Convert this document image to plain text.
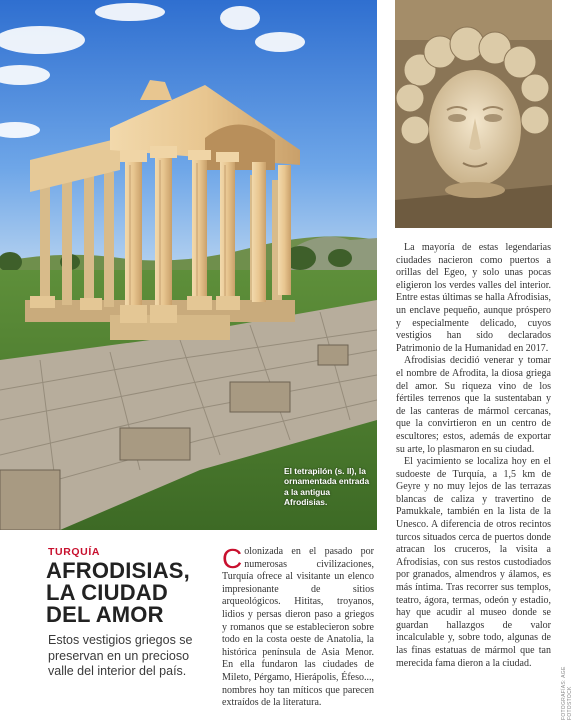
El tetrapilón (s. II), la ornamentada entrada a la antigua Afrodisias.
TURQUÍA
AFRODISIAS, LA CIUDAD DEL AMOR

Estos vestigios griegos se preservan en un precioso valle del interior del país.

Colonizada en el pasado por numerosas civilizaciones, Turquía ofrece al visitante un elenco impresionante de sitios arqueológicos. Hititas, troyanos, lidios y persas dieron paso a griegos y romanos que se establecieron sobre todo en la costa oeste de Anatolia, la histórica península de Asia Menor. En ella fundaron las ciudades de Mileto, Pérgamo, Hierápolis, Éfeso..., nombres hoy tan míticos que parecen extraídos de la literatura.

La mayoría de estas legendarias ciudades nacieron como puertos a orillas del Egeo, y solo unas pocas eligieron los verdes valles del interior. Entre estas últimas se halla Afrodisias, un enclave pequeño, aunque próspero y especialmente delicado, cuyos vestigios han sido declarados Patrimonio de la Humanidad en 2017.

Afrodisias decidió venerar y tomar el nombre de Afrodita, la diosa griega del amor. Su riqueza vino de los fértiles terrenos que la sustentaban y de las canteras de mármol cercanas, que la convirtieron en un centro de escultores; estos, además de exportar su arte, lo plasmaron en su ciudad.

El yacimiento se localiza hoy en el sudoeste de Turquía, a 1,5 km de Geyre y no muy lejos de las terrazas blancas de caliza y travertino de Pamukkale, también en la lista de la Unesco. A diferencia de otros recintos turcos situados cerca de puertos donde atracan los cruceros, la visita a Afrodisias, con sus restos custodiados por granados, almendros y álamos, es más íntima. Tras recorrer sus templos, teatro, ágora, termas, odeón y estadio, hay que acudir al museo donde se guardan hallazgos de valor incalculable y, sobre todo, algunas de las finas estatuas de mármol que tan merecida fama dieron a la ciudad.

FOTOGRAFÍAS: AGE FOTOSTOCK
